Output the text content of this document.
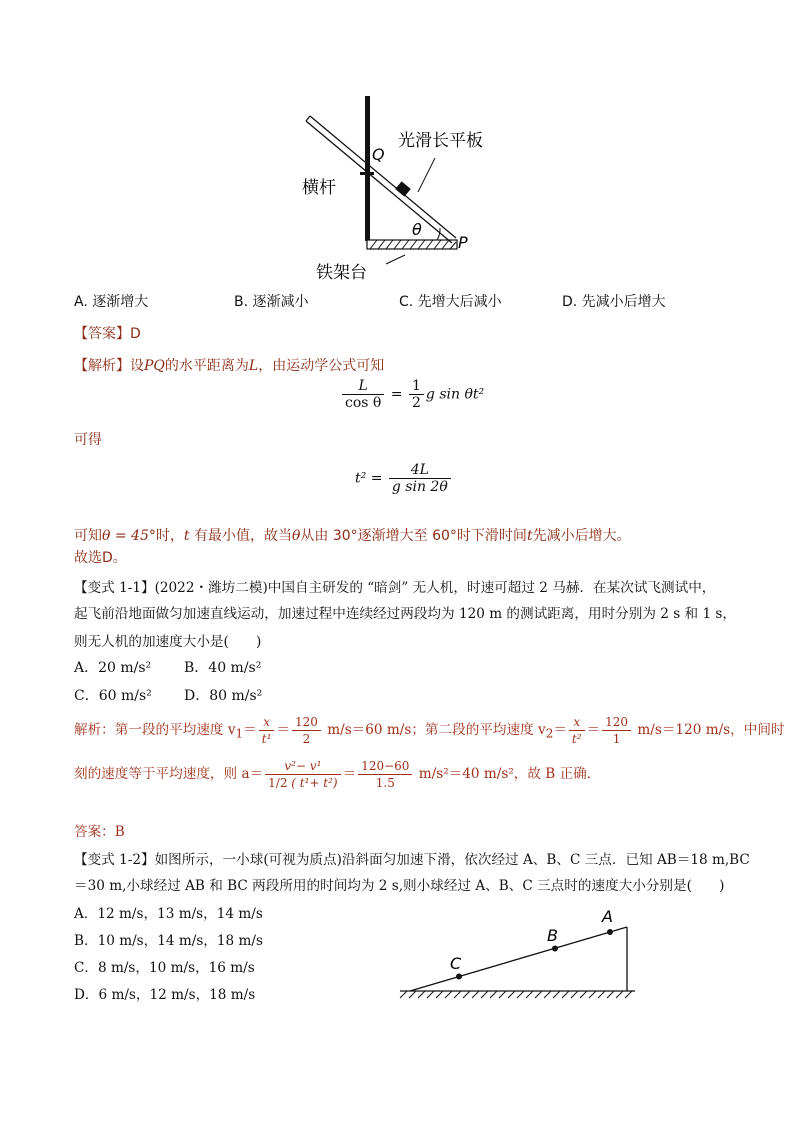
光滑长平板
Q
横杆
θ
P
铁架台
A. 逐渐增大	B. 逐渐减小	C. 先增大后减小	D. 先减小后增大
【答案】D
【解析】设PQ的水平距离为L，由运动学公式可知
$\frac{L}{\text{cos θ}} = \frac{1}{2}$ g sin θt²
可得
$t^2 = \frac{4L}{\text{g sin 2θ}}$
可知θ = 45°时，t 有最小值，故当θ从由 30°逐渐增大至 60°时下滑时间t先减小后增大。
故选D。
【变式 1-1】(2022・潍坊二模)中国自主研发的 “暗剑” 无人机，时速可超过 2 马赫．在某次试飞测试中，
起飞前沿地面做匀加速直线运动，加速过程中连续经过两段均为 120 m 的测试距离，用时分别为 2 s 和 1 s，
则无人机的加速度大小是(　　)
A．20 m/s² B．40 m/s²
C．60 m/s² D．80 m/s²
解析：第一段的平均速度 $v_1= \frac{x}{\text{t¹}} = \frac{120}{2} m/s=60$ m/s；第二段的平均速度 $v_2= \frac{x}{\text{t²}} = \frac{120}{1} m/s=120$ m/s，中间时
刻的速度等于平均速度，则 $a= \frac{\text{v²− v¹}}{\text{1/2 ( t¹+ t²)}} = \frac{120-60}{1.5} m/s^2=40$ m/s²，故 B 正确．
答案：B
【变式 1-2】如图所示，一小球(可视为质点)沿斜面匀加速下滑，依次经过 A、B、C 三点．已知 AB＝18 m,BC
＝30 m,小球经过 AB 和 BC 两段所用的时间均为 2 s,则小球经过 A、B、C 三点时的速度大小分别是(　　)
A．12 m/s，13 m/s，14 m/s
B．10 m/s，14 m/s，18 m/s
C．8 m/s，10 m/s，16 m/s
D．6 m/s，12 m/s，18 m/s
A
B
C
